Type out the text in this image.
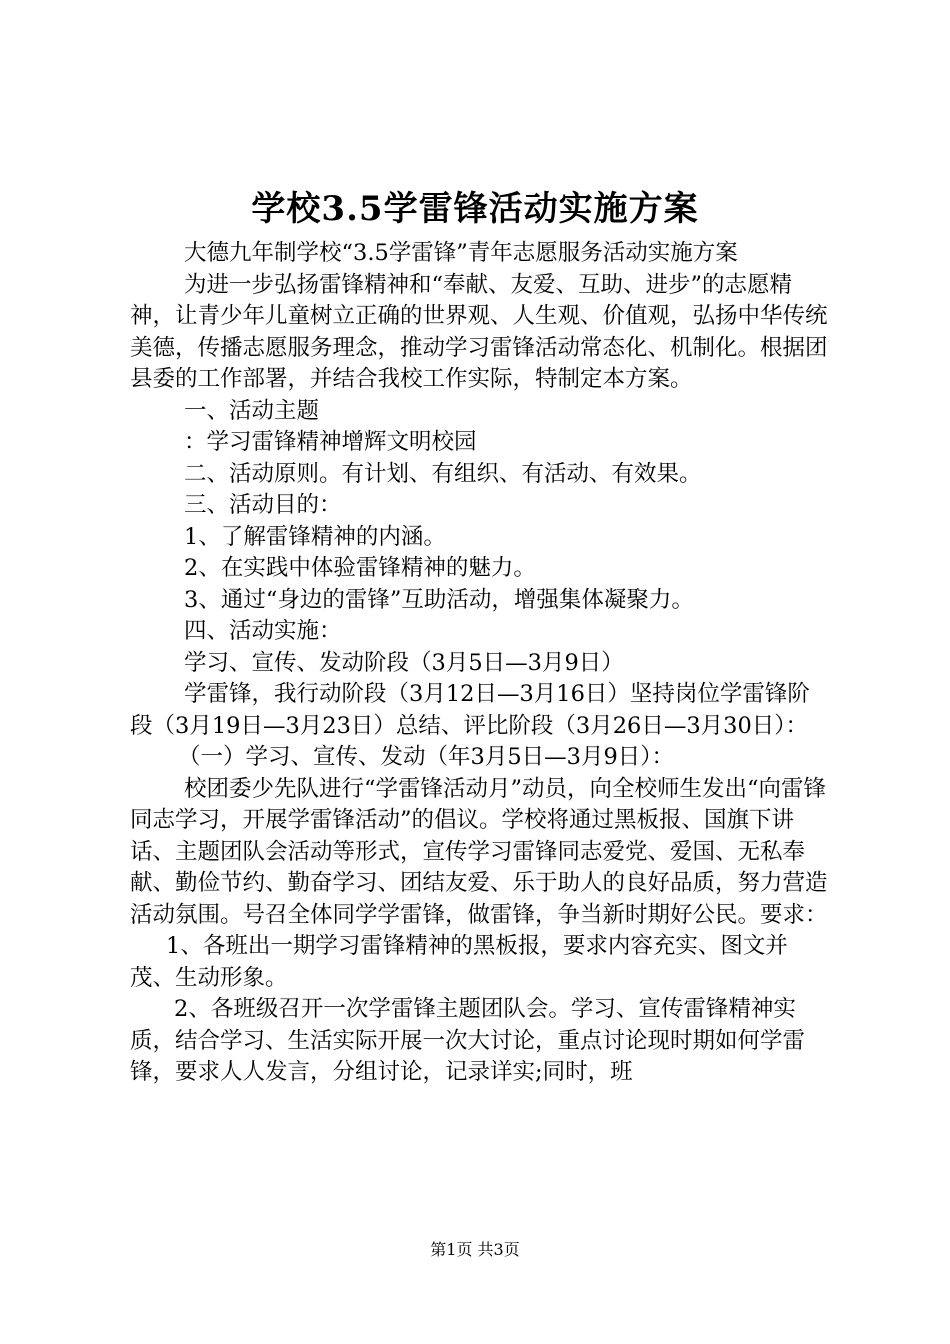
学校3.5学雷锋活动实施方案

大德九年制学校“3.5学雷锋”青年志愿服务活动实施方案

为进一步弘扬雷锋精神和“奉献、友爱、互助、进步”的志愿精神，让青少年儿童树立正确的世界观、人生观、价值观，弘扬中华传统美德，传播志愿服务理念，推动学习雷锋活动常态化、机制化。根据团县委的工作部署，并结合我校工作实际，特制定本方案。

一、活动主题

：学习雷锋精神增辉文明校园

二、活动原则。有计划、有组织、有活动、有效果。

三、活动目的：

1、了解雷锋精神的内涵。

2、在实践中体验雷锋精神的魅力。

3、通过“身边的雷锋”互助活动，增强集体凝聚力。

四、活动实施：

学习、宣传、发动阶段（3月5日—3月9日）

学雷锋，我行动阶段（3月12日—3月16日）坚持岗位学雷锋阶段（3月19日—3月23日）总结、评比阶段（3月26日—3月30日）：

（一）学习、宣传、发动（年3月5日—3月9日）：

校团委少先队进行“学雷锋活动月”动员，向全校师生发出“向雷锋同志学习，开展学雷锋活动”的倡议。学校将通过黑板报、国旗下讲话、主题团队会活动等形式，宣传学习雷锋同志爱党、爱国、无私奉献、勤俭节约、勤奋学习、团结友爱、乐于助人的良好品质，努力营造活动氛围。号召全体同学学雷锋，做雷锋，争当新时期好公民。要求：

1、各班出一期学习雷锋精神的黑板报，要求内容充实、图文并茂、生动形象。

2、各班级召开一次学雷锋主题团队会。学习、宣传雷锋精神实质，结合学习、生活实际开展一次大讨论，重点讨论现时期如何学雷锋，要求人人发言，分组讨论，记录详实;同时，班

第1页 共3页
